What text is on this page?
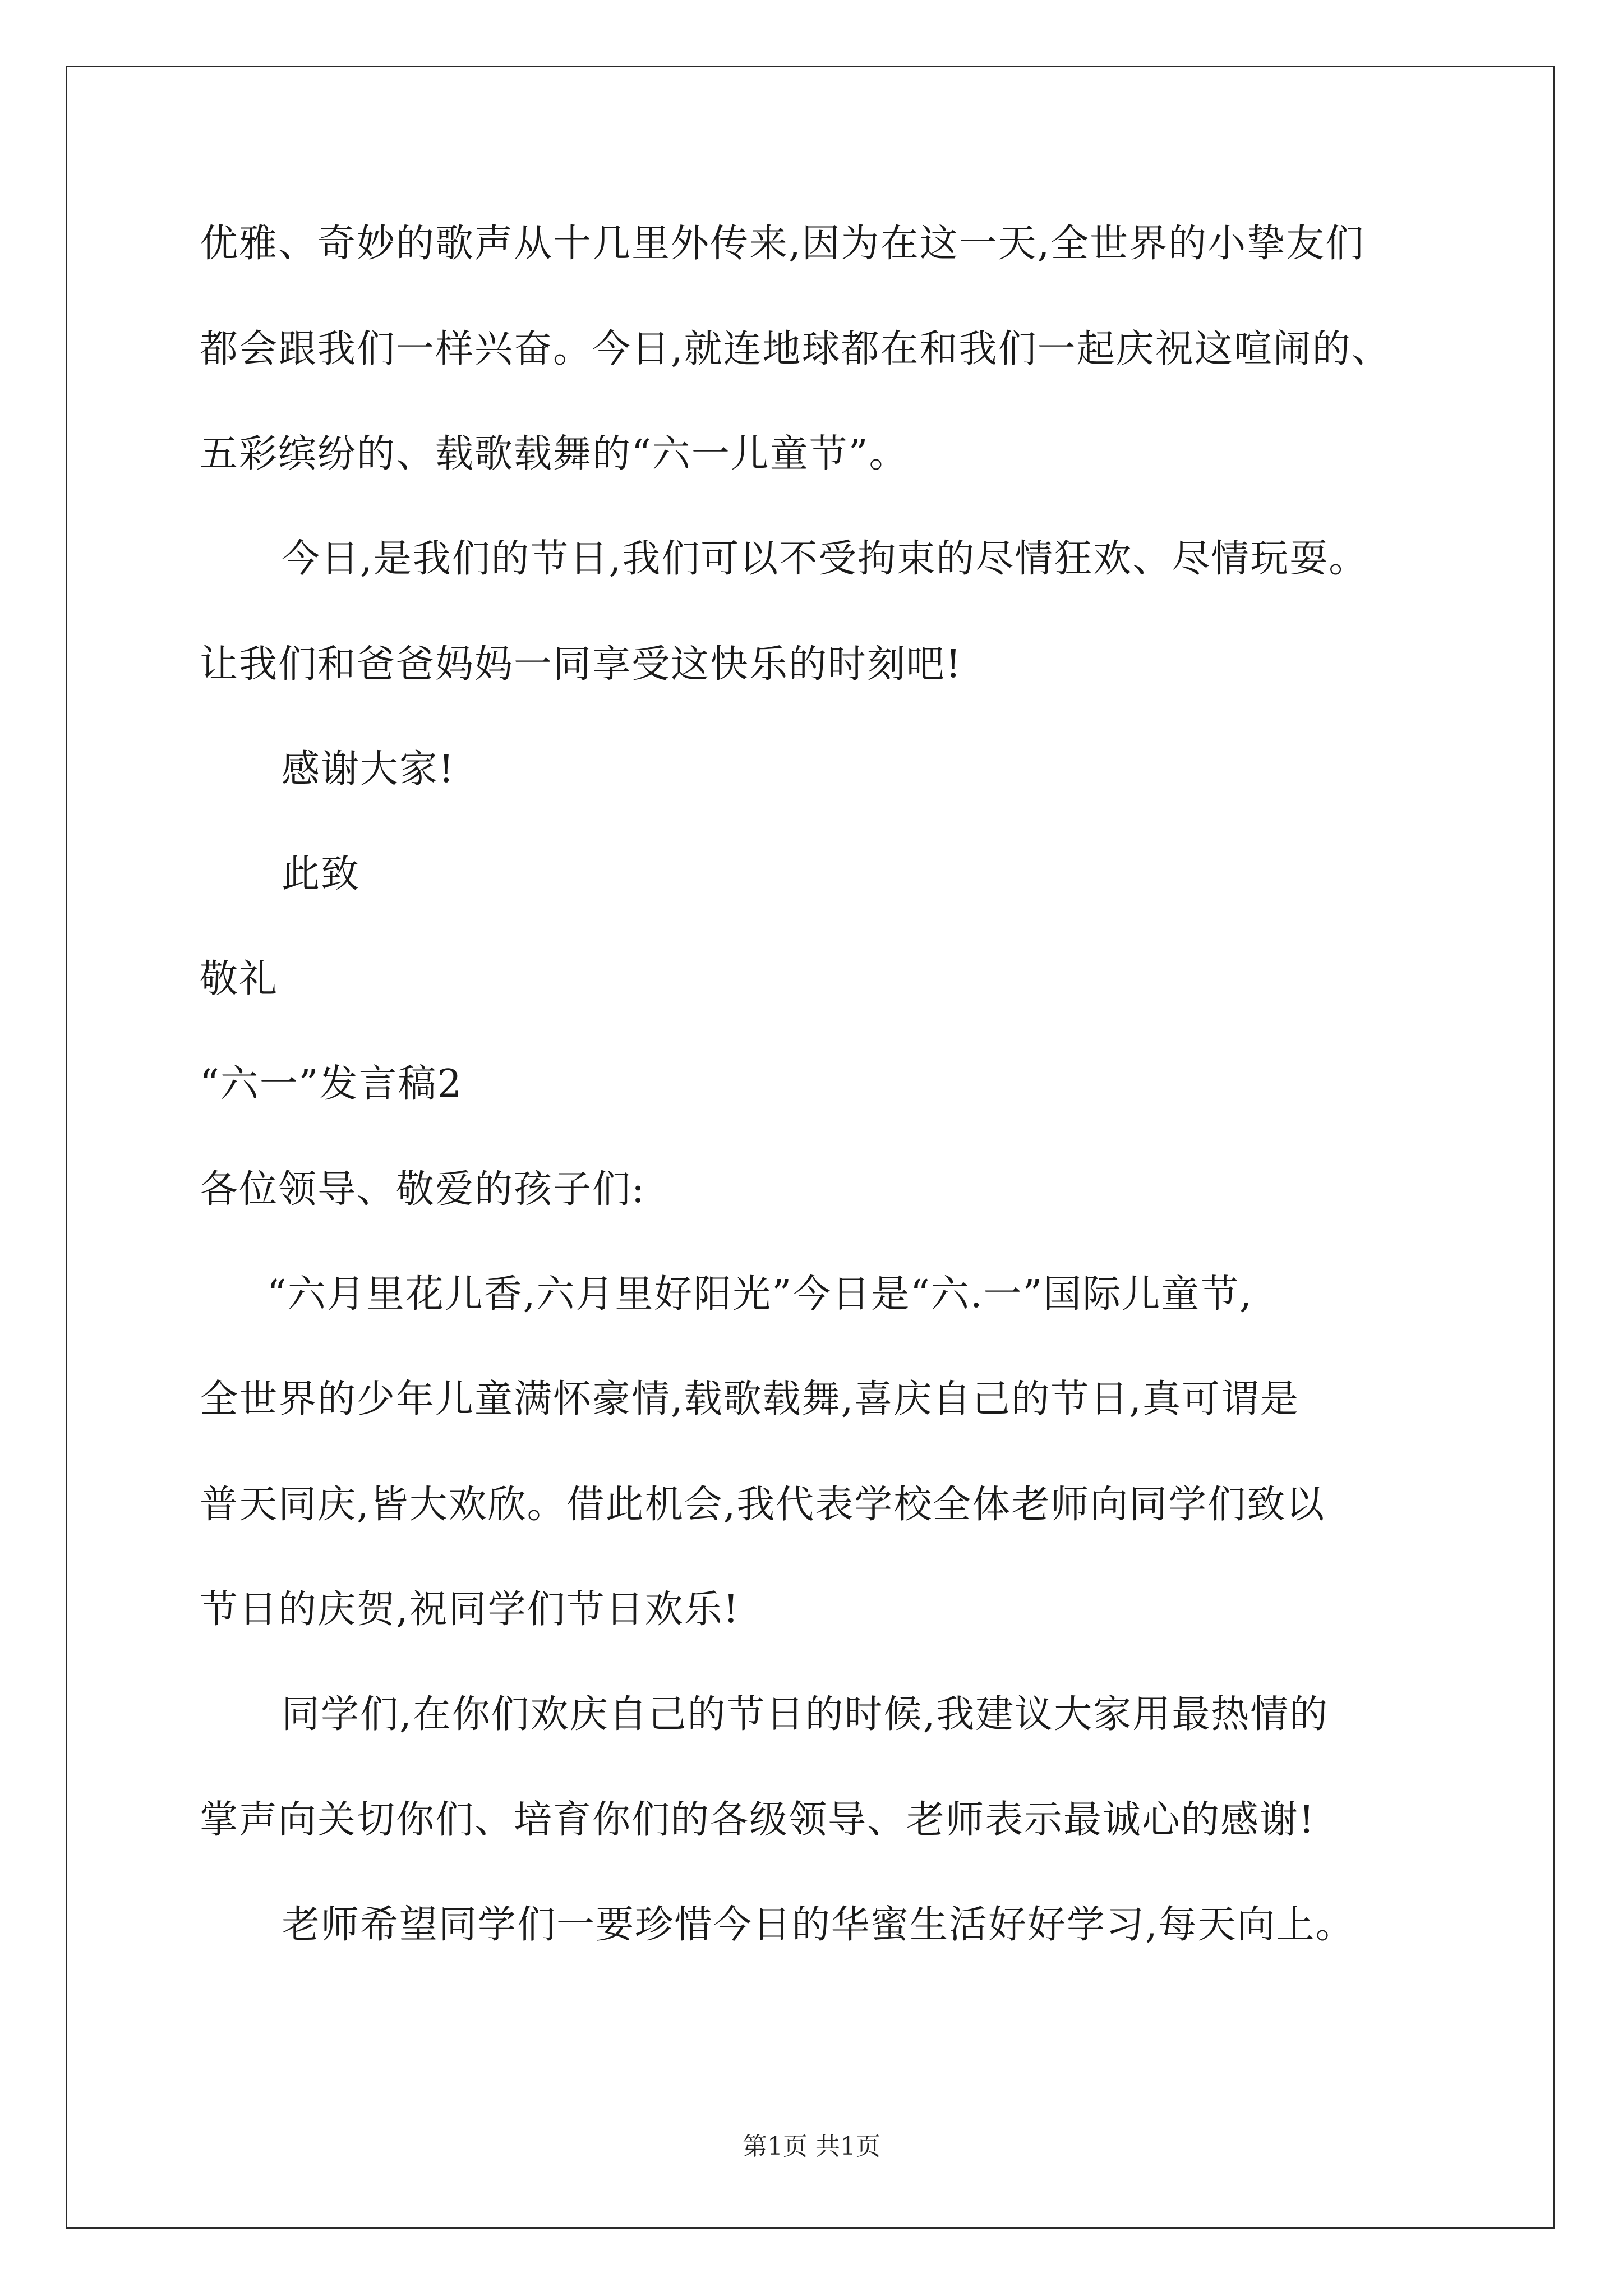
优雅、奇妙的歌声从十几里外传来,因为在这一天,全世界的小挚友们
都会跟我们一样兴奋。今日,就连地球都在和我们一起庆祝这喧闹的、
五彩缤纷的、载歌载舞的“六一儿童节”。
今日,是我们的节日,我们可以不受拘束的尽情狂欢、尽情玩耍。
让我们和爸爸妈妈一同享受这快乐的时刻吧!
感谢大家!
此致
敬礼
“六一”发言稿2
各位领导、敬爱的孩子们:
“六月里花儿香,六月里好阳光”今日是“六.一”国际儿童节,
全世界的少年儿童满怀豪情,载歌载舞,喜庆自己的节日,真可谓是
普天同庆,皆大欢欣。借此机会,我代表学校全体老师向同学们致以
节日的庆贺,祝同学们节日欢乐!
同学们,在你们欢庆自己的节日的时候,我建议大家用最热情的
掌声向关切你们、培育你们的各级领导、老师表示最诚心的感谢!
老师希望同学们一要珍惜今日的华蜜生活好好学习,每天向上。
第1页 共1页
